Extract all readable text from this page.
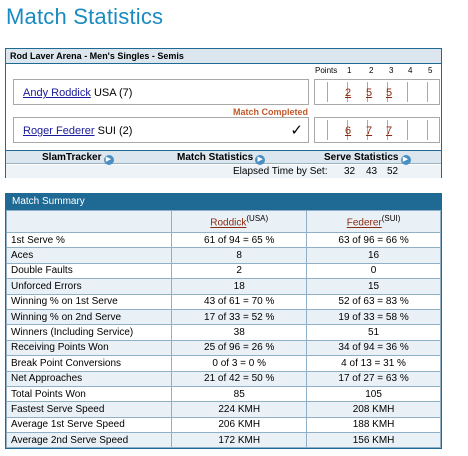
Match Statistics
Rod Laver Arena - Men's Singles - Semis
Points 1 2 3 4 5
Andy Roddick USA (7)	2 5 5
Match Completed
Roger Federer SUI (2)	✓	6 7 7
SlamTracker ▶	Match Statistics ▶	Serve Statistics ▶
Elapsed Time by Set: 32 43 52
Match Summary
	Roddick$^{(USA)}$	Federer$^{(SUI)}$
1st Serve %	61 of 94 = 65 %	63 of 96 = 66 %
Aces	8	16
Double Faults	2	0
Unforced Errors	18	15
Winning % on 1st Serve	43 of 61 = 70 %	52 of 63 = 83 %
Winning % on 2nd Serve	17 of 33 = 52 %	19 of 33 = 58 %
Winners (Including Service)	38	51
Receiving Points Won	25 of 96 = 26 %	34 of 94 = 36 %
Break Point Conversions	0 of 3 = 0 %	4 of 13 = 31 %
Net Approaches	21 of 42 = 50 %	17 of 27 = 63 %
Total Points Won	85	105
Fastest Serve Speed	224 KMH	208 KMH
Average 1st Serve Speed	206 KMH	188 KMH
Average 2nd Serve Speed	172 KMH	156 KMH
